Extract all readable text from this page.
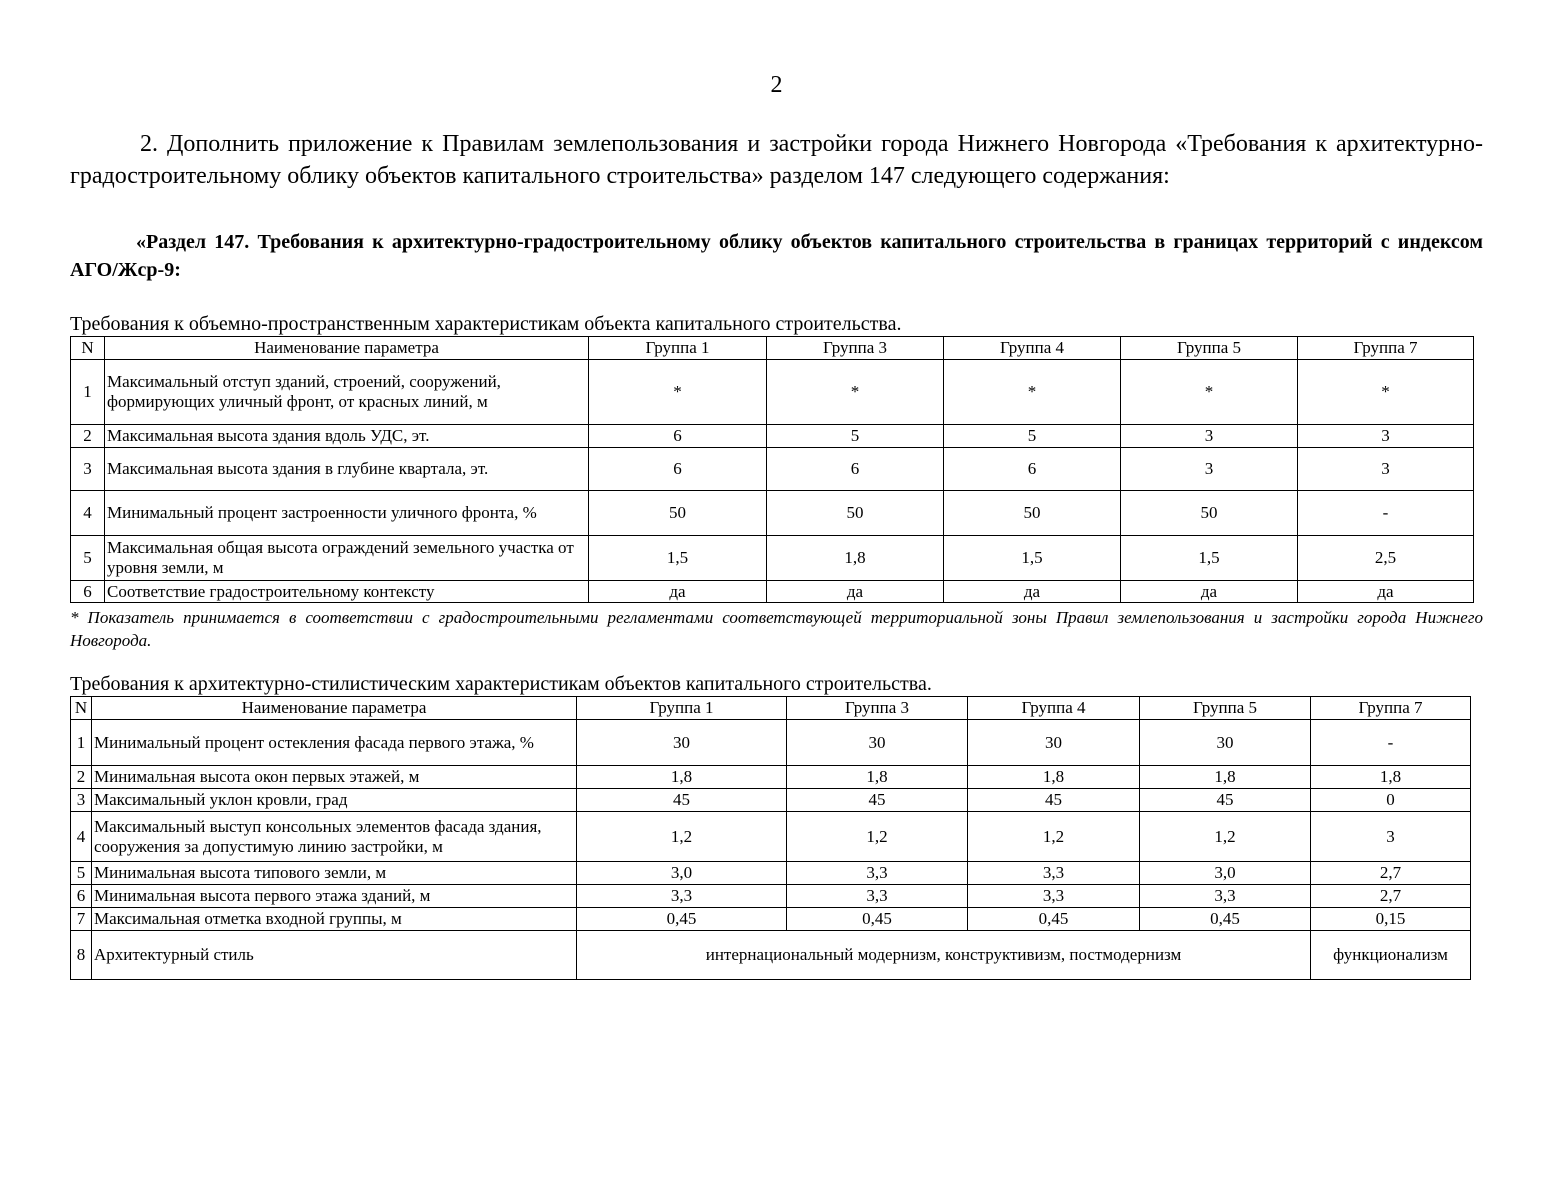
2
2. Дополнить приложение к Правилам землепользования и застройки города Нижнего Новгорода «Требования к архитектурно-градостроительному облику объектов капитального строительства» разделом 147 следующего содержания:
«Раздел 147. Требования к архитектурно-градостроительному облику объектов капитального строительства в границах территорий с индексом АГО/Жср-9:
Требования к объемно-пространственным характеристикам объекта капитального строительства.
N	Наименование параметра	Группа 1	Группа 3	Группа 4	Группа 5	Группа 7
1	Максимальный отступ зданий, строений, сооружений, формирующих уличный фронт, от красных линий, м	*	*	*	*	*
2	Максимальная высота здания вдоль УДС, эт.	6	5	5	3	3
3	Максимальная высота здания в глубине квартала, эт.	6	6	6	3	3
4	Минимальный процент застроенности уличного фронта, %	50	50	50	50	-
5	Максимальная общая высота ограждений земельного участка от уровня земли, м	1,5	1,8	1,5	1,5	2,5
6	Соответствие градостроительному контексту	да	да	да	да	да
* Показатель принимается в соответствии с градостроительными регламентами соответствующей территориальной зоны Правил землепользования и застройки города Нижнего Новгорода.
Требования к архитектурно-стилистическим характеристикам объектов капитального строительства.
N	Наименование параметра	Группа 1	Группа 3	Группа 4	Группа 5	Группа 7
1	Минимальный процент остекления фасада первого этажа, %	30	30	30	30	-
2	Минимальная высота окон первых этажей, м	1,8	1,8	1,8	1,8	1,8
3	Максимальный уклон кровли, град	45	45	45	45	0
4	Максимальный выступ консольных элементов фасада здания, сооружения за допустимую линию застройки, м	1,2	1,2	1,2	1,2	3
5	Минимальная высота типового земли, м	3,0	3,3	3,3	3,0	2,7
6	Минимальная высота первого этажа зданий, м	3,3	3,3	3,3	3,3	2,7
7	Максимальная отметка входной группы, м	0,45	0,45	0,45	0,45	0,15
8	Архитектурный стиль	интернациональный модернизм, конструктивизм, постмодернизм				функционализм
